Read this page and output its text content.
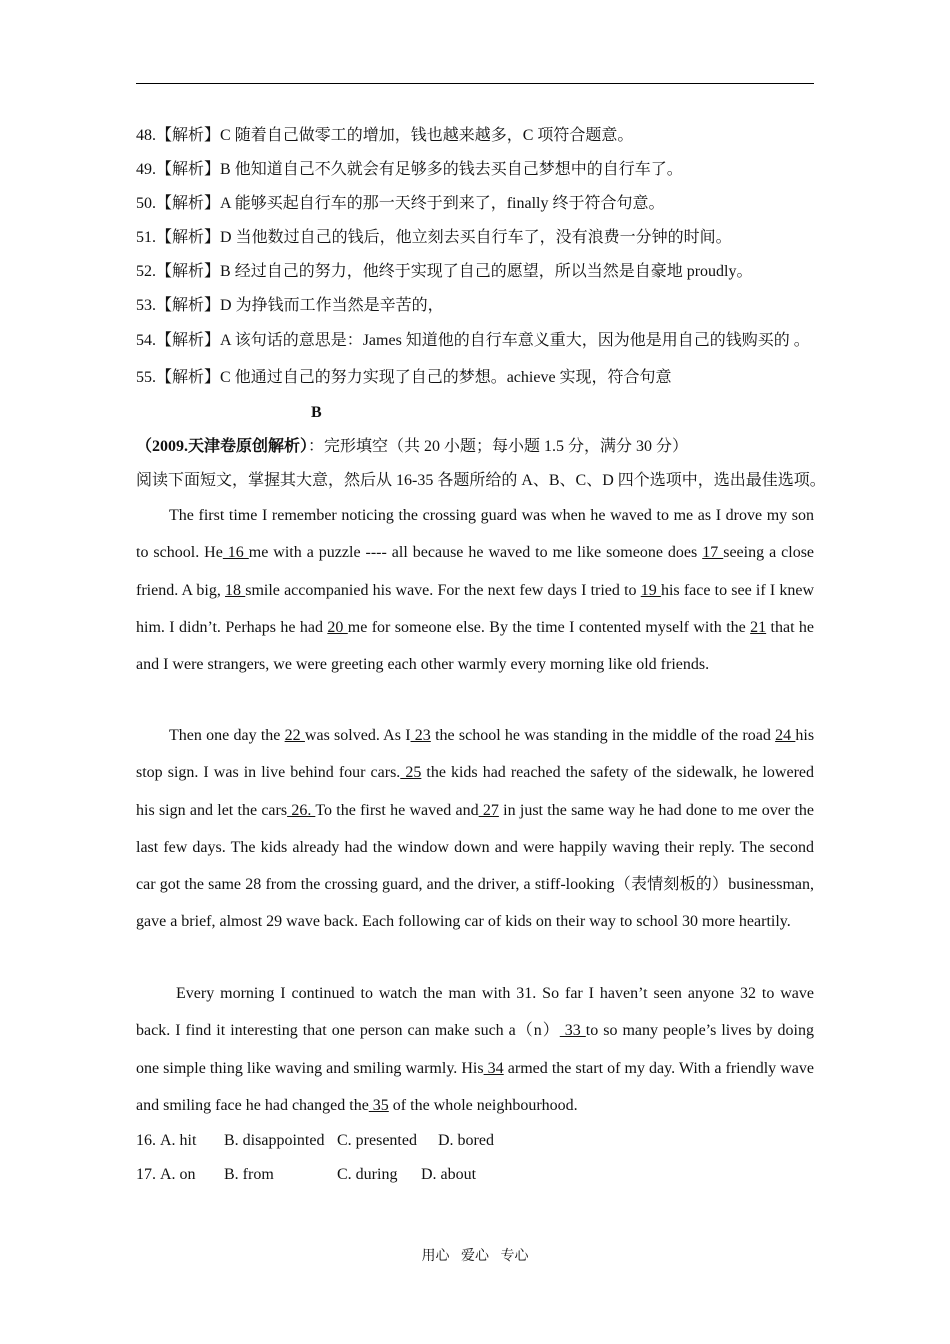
48.【解析】C 随着自己做零工的增加，钱也越来越多，C 项符合题意。
49.【解析】B 他知道自己不久就会有足够多的钱去买自己梦想中的自行车了。
50.【解析】A 能够买起自行车的那一天终于到来了，finally 终于符合句意。
51.【解析】D 当他数过自己的钱后，他立刻去买自行车了，没有浪费一分钟的时间。
52.【解析】B 经过自己的努力，他终于实现了自己的愿望，所以当然是自豪地 proudly。
53.【解析】D 为挣钱而工作当然是辛苦的，
54.【解析】A 该句话的意思是：James 知道他的自行车意义重大，因为他是用自己的钱购买的 。
55.【解析】C 他通过自己的努力实现了自己的梦想。achieve 实现，符合句意
B
（2009.天津卷原创解析）：完形填空（共 20 小题；每小题 1.5 分，满分 30 分）
阅读下面短文，掌握其大意，然后从 16-35 各题所给的 A、B、C、D 四个选项中，选出最佳选项。

The first time I remember noticing the crossing guard was when he waved to me as I drove my son to school. He 16 me with a puzzle ---- all because he waved to me like someone does 17 seeing a close friend. A big, 18 smile accompanied his wave. For the next few days I tried to 19 his face to see if I knew him. I didn’t. Perhaps he had 20 me for someone else. By the time I contented myself with the 21 that he and I were strangers, we were greeting each other warmly every morning like old friends.

Then one day the 22 was solved. As I 23 the school he was standing in the middle of the road 24 his stop sign. I was in live behind four cars. 25 the kids had reached the safety of the sidewalk, he lowered his sign and let the cars 26. To the first he waved and 27 in just the same way he had done to me over the last few days. The kids already had the window down and were happily waving their reply. The second car got the same 28 from the crossing guard, and the driver, a stiff-looking（表情刻板的）businessman, gave a brief, almost 29 wave back. Each following car of kids on their way to school 30 more heartily.

Every morning I continued to watch the man with 31. So far I haven’t seen anyone 32 to wave back. I find it interesting that one person can make such a（n） 33 to so many people’s lives by doing one simple thing like waving and smiling warmly. His 34 armed the start of my day. With a friendly wave and smiling face he had changed the 35 of the whole neighbourhood.

16. A. hit B. disappointed C. presented D. bored
17. A. on B. from	C. during D. about
用心 爱心 专心
